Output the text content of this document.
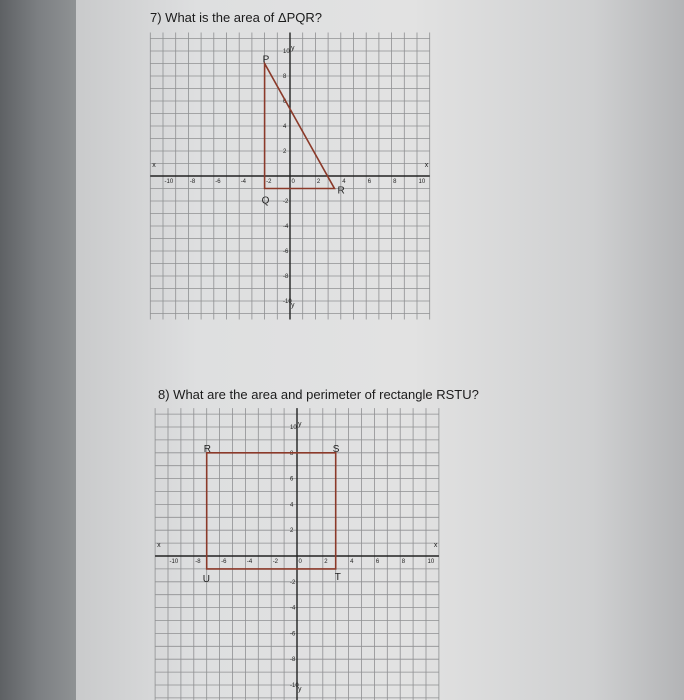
7) What is the area of ΔPQR?
8) What are the area and perimeter of rectangle RSTU?
-10	-8	-6	-4	-2	0	2	4	6	8	10
10
8
6
4
2
-2
-4
-6
-8
-10
x	x
y
y
P
Q
R
-10	-8	-6	-4	-2	0	2	4	6	8	10
10
8
6
4
2
-2
-4
-6
-8
-10
x	x
y
y
R	S
T
U
